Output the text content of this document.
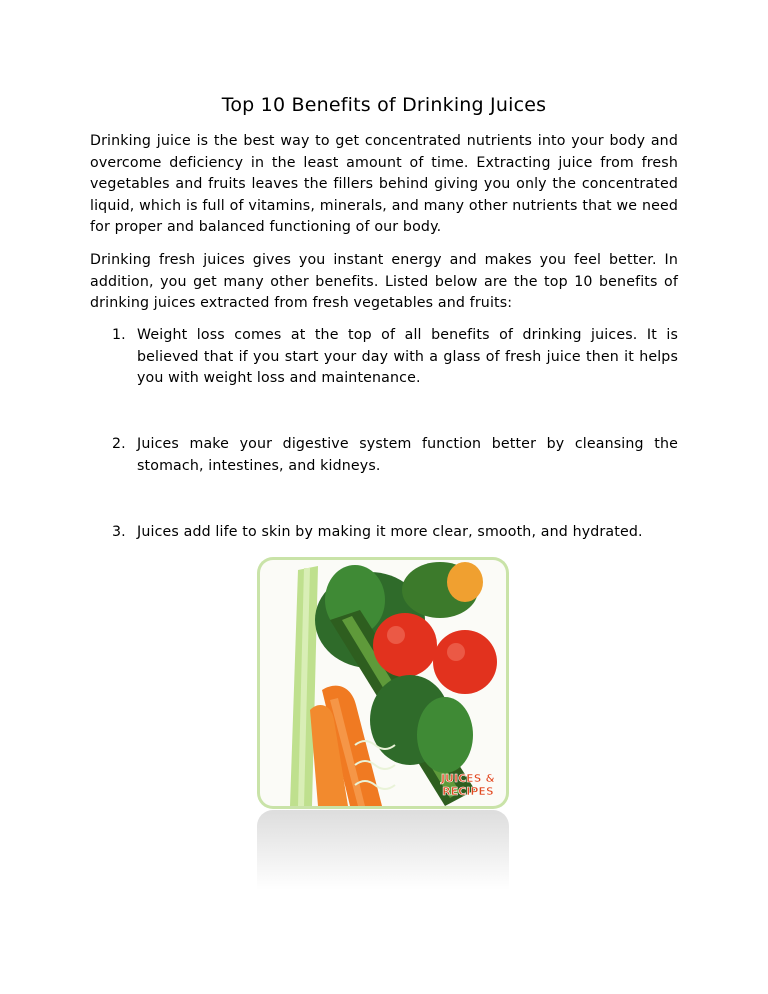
Top 10 Benefits of Drinking Juices

Drinking juice is the best way to get concentrated nutrients into your body and overcome deficiency in the least amount of time. Extracting juice from fresh vegetables and fruits leaves the fillers behind giving you only the concentrated liquid, which is full of vitamins, minerals, and many other nutrients that we need for proper and balanced functioning of our body.

Drinking fresh juices gives you instant energy and makes you feel better. In addition, you get many other benefits. Listed below are the top 10 benefits of drinking juices extracted from fresh vegetables and fruits:

1. Weight loss comes at the top of all benefits of drinking juices. It is believed that if you start your day with a glass of fresh juice then it helps you with weight loss and maintenance.
2. Juices make your digestive system function better by cleansing the stomach, intestines, and kidneys.
3. Juices add life to skin by making it more clear, smooth, and hydrated.
JUICES &
RECIPES
